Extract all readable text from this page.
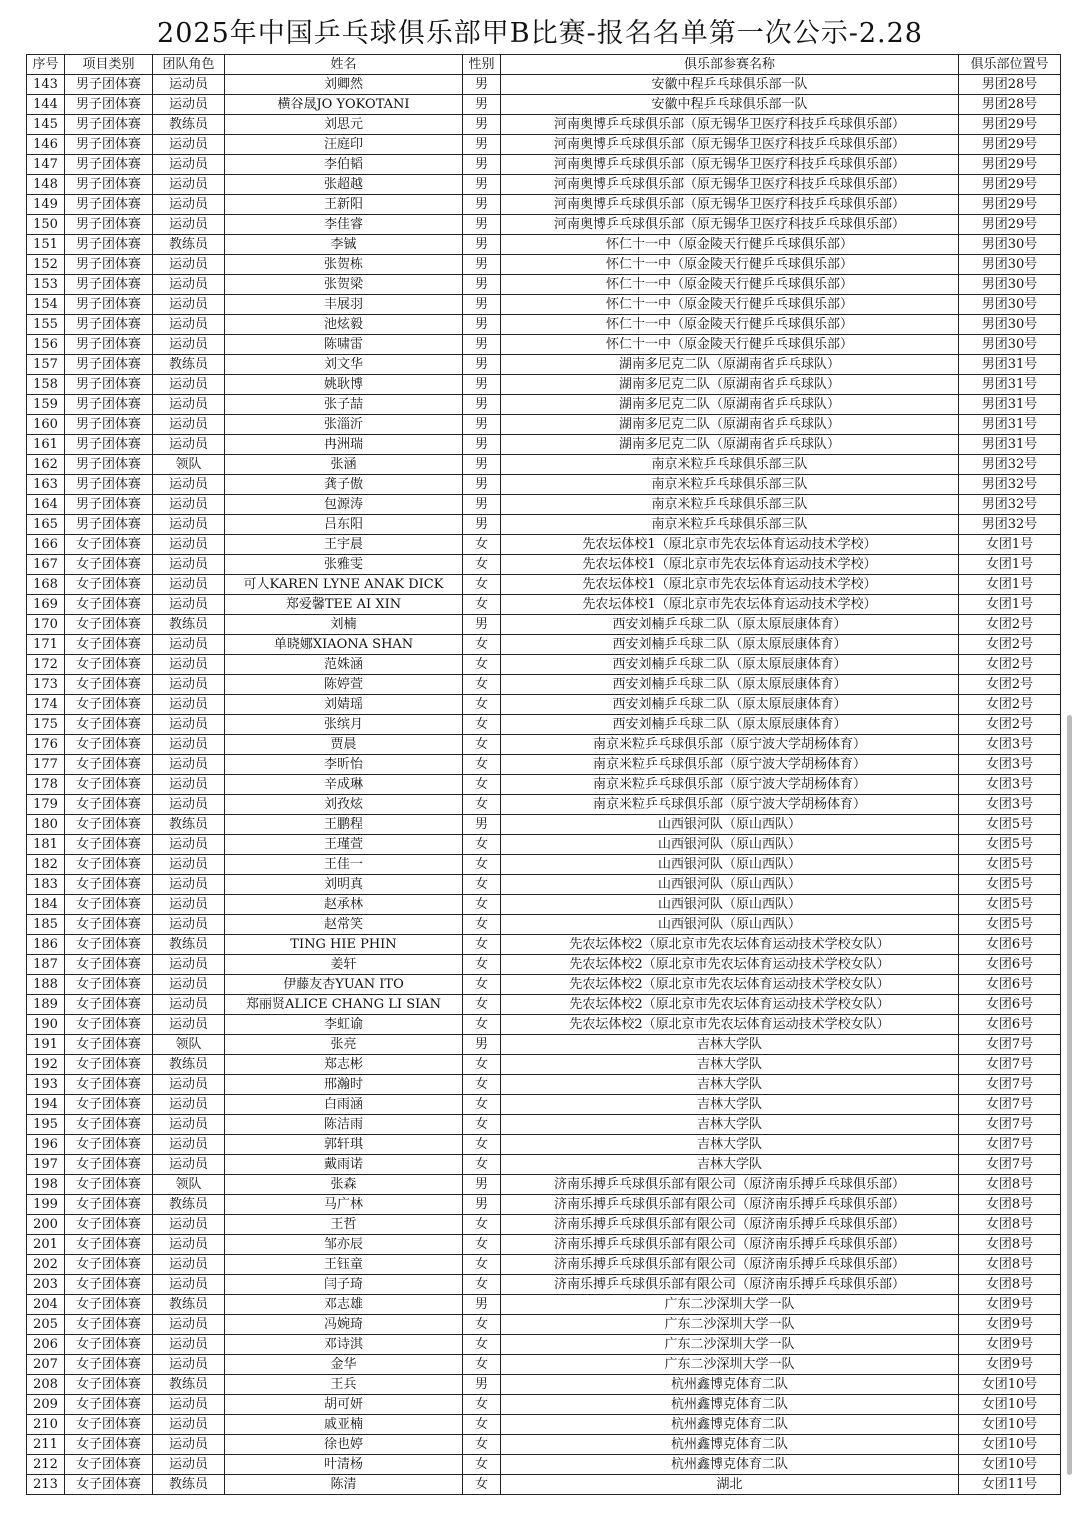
2025年中国乒乓球俱乐部甲B比赛-报名名单第一次公示-2.28
序号	项目类别	团队角色	姓名	性别	俱乐部参赛名称	俱乐部位置号
143	男子团体赛	运动员	刘卿然	男	安徽中程乒乓球俱乐部一队	男团28号
144	男子团体赛	运动员	横谷晟JO YOKOTANI	男	安徽中程乒乓球俱乐部一队	男团28号
145	男子团体赛	教练员	刘思元	男	河南奥博乒乓球俱乐部（原无锡华卫医疗科技乒乓球俱乐部）	男团29号
146	男子团体赛	运动员	汪庭印	男	河南奥博乒乓球俱乐部（原无锡华卫医疗科技乒乓球俱乐部）	男团29号
147	男子团体赛	运动员	李伯韬	男	河南奥博乒乓球俱乐部（原无锡华卫医疗科技乒乓球俱乐部）	男团29号
148	男子团体赛	运动员	张超越	男	河南奥博乒乓球俱乐部（原无锡华卫医疗科技乒乓球俱乐部）	男团29号
149	男子团体赛	运动员	王新阳	男	河南奥博乒乓球俱乐部（原无锡华卫医疗科技乒乓球俱乐部）	男团29号
150	男子团体赛	运动员	李佳睿	男	河南奥博乒乓球俱乐部（原无锡华卫医疗科技乒乓球俱乐部）	男团29号
151	男子团体赛	教练员	李铖	男	怀仁十一中（原金陵天行健乒乓球俱乐部）	男团30号
152	男子团体赛	运动员	张贺栋	男	怀仁十一中（原金陵天行健乒乓球俱乐部）	男团30号
153	男子团体赛	运动员	张贺梁	男	怀仁十一中（原金陵天行健乒乓球俱乐部）	男团30号
154	男子团体赛	运动员	丰展羽	男	怀仁十一中（原金陵天行健乒乓球俱乐部）	男团30号
155	男子团体赛	运动员	池炫毅	男	怀仁十一中（原金陵天行健乒乓球俱乐部）	男团30号
156	男子团体赛	运动员	陈啸雷	男	怀仁十一中（原金陵天行健乒乓球俱乐部）	男团30号
157	男子团体赛	教练员	刘文华	男	湖南多尼克二队（原湖南省乒乓球队）	男团31号
158	男子团体赛	运动员	姚耿博	男	湖南多尼克二队（原湖南省乒乓球队）	男团31号
159	男子团体赛	运动员	张子喆	男	湖南多尼克二队（原湖南省乒乓球队）	男团31号
160	男子团体赛	运动员	张淄沂	男	湖南多尼克二队（原湖南省乒乓球队）	男团31号
161	男子团体赛	运动员	冉洲瑞	男	湖南多尼克二队（原湖南省乒乓球队）	男团31号
162	男子团体赛	领队	张涵	男	南京米粒乒乓球俱乐部三队	男团32号
163	男子团体赛	运动员	龚子傲	男	南京米粒乒乓球俱乐部三队	男团32号
164	男子团体赛	运动员	包源涛	男	南京米粒乒乓球俱乐部三队	男团32号
165	男子团体赛	运动员	吕东阳	男	南京米粒乒乓球俱乐部三队	男团32号
166	女子团体赛	运动员	王宇晨	女	先农坛体校1（原北京市先农坛体育运动技术学校）	女团1号
167	女子团体赛	运动员	张雅雯	女	先农坛体校1（原北京市先农坛体育运动技术学校）	女团1号
168	女子团体赛	运动员	可人KAREN LYNE ANAK DICK	女	先农坛体校1（原北京市先农坛体育运动技术学校）	女团1号
169	女子团体赛	运动员	郑爱馨TEE AI XIN	女	先农坛体校1（原北京市先农坛体育运动技术学校）	女团1号
170	女子团体赛	教练员	刘楠	男	西安刘楠乒乓球二队（原太原辰康体育）	女团2号
171	女子团体赛	运动员	单晓娜XIAONA SHAN	女	西安刘楠乒乓球二队（原太原辰康体育）	女团2号
172	女子团体赛	运动员	范姝涵	女	西安刘楠乒乓球二队（原太原辰康体育）	女团2号
173	女子团体赛	运动员	陈婷萱	女	西安刘楠乒乓球二队（原太原辰康体育）	女团2号
174	女子团体赛	运动员	刘婧瑶	女	西安刘楠乒乓球二队（原太原辰康体育）	女团2号
175	女子团体赛	运动员	张缤月	女	西安刘楠乒乓球二队（原太原辰康体育）	女团2号
176	女子团体赛	运动员	贾晨	女	南京米粒乒乓球俱乐部（原宁波大学胡杨体育）	女团3号
177	女子团体赛	运动员	李昕怡	女	南京米粒乒乓球俱乐部（原宁波大学胡杨体育）	女团3号
178	女子团体赛	运动员	辛成琳	女	南京米粒乒乓球俱乐部（原宁波大学胡杨体育）	女团3号
179	女子团体赛	运动员	刘孜炫	女	南京米粒乒乓球俱乐部（原宁波大学胡杨体育）	女团3号
180	女子团体赛	教练员	王鹏程	男	山西银河队（原山西队）	女团5号
181	女子团体赛	运动员	王瑾萱	女	山西银河队（原山西队）	女团5号
182	女子团体赛	运动员	王佳一	女	山西银河队（原山西队）	女团5号
183	女子团体赛	运动员	刘明真	女	山西银河队（原山西队）	女团5号
184	女子团体赛	运动员	赵承林	女	山西银河队（原山西队）	女团5号
185	女子团体赛	运动员	赵常笑	女	山西银河队（原山西队）	女团5号
186	女子团体赛	教练员	TING HIE PHIN	女	先农坛体校2（原北京市先农坛体育运动技术学校女队）	女团6号
187	女子团体赛	运动员	姜轩	女	先农坛体校2（原北京市先农坛体育运动技术学校女队）	女团6号
188	女子团体赛	运动员	伊藤友杏YUAN ITO	女	先农坛体校2（原北京市先农坛体育运动技术学校女队）	女团6号
189	女子团体赛	运动员	郑丽贤ALICE CHANG LI SIAN	女	先农坛体校2（原北京市先农坛体育运动技术学校女队）	女团6号
190	女子团体赛	运动员	李虹谕	女	先农坛体校2（原北京市先农坛体育运动技术学校女队）	女团6号
191	女子团体赛	领队	张亮	男	吉林大学队	女团7号
192	女子团体赛	教练员	郑志彬	女	吉林大学队	女团7号
193	女子团体赛	运动员	邢瀚时	女	吉林大学队	女团7号
194	女子团体赛	运动员	白雨涵	女	吉林大学队	女团7号
195	女子团体赛	运动员	陈洁雨	女	吉林大学队	女团7号
196	女子团体赛	运动员	郭轩琪	女	吉林大学队	女团7号
197	女子团体赛	运动员	戴雨诺	女	吉林大学队	女团7号
198	女子团体赛	领队	张森	男	济南乐搏乒乓球俱乐部有限公司（原济南乐搏乒乓球俱乐部）	女团8号
199	女子团体赛	教练员	马广林	男	济南乐搏乒乓球俱乐部有限公司（原济南乐搏乒乓球俱乐部）	女团8号
200	女子团体赛	运动员	王哲	女	济南乐搏乒乓球俱乐部有限公司（原济南乐搏乒乓球俱乐部）	女团8号
201	女子团体赛	运动员	邹亦辰	女	济南乐搏乒乓球俱乐部有限公司（原济南乐搏乒乓球俱乐部）	女团8号
202	女子团体赛	运动员	王钰童	女	济南乐搏乒乓球俱乐部有限公司（原济南乐搏乒乓球俱乐部）	女团8号
203	女子团体赛	运动员	闫子琦	女	济南乐搏乒乓球俱乐部有限公司（原济南乐搏乒乓球俱乐部）	女团8号
204	女子团体赛	教练员	邓志雄	男	广东二沙深圳大学一队	女团9号
205	女子团体赛	运动员	冯婉琦	女	广东二沙深圳大学一队	女团9号
206	女子团体赛	运动员	邓诗淇	女	广东二沙深圳大学一队	女团9号
207	女子团体赛	运动员	金华	女	广东二沙深圳大学一队	女团9号
208	女子团体赛	教练员	王兵	男	杭州鑫博克体育二队	女团10号
209	女子团体赛	运动员	胡可妍	女	杭州鑫博克体育二队	女团10号
210	女子团体赛	运动员	戚亚楠	女	杭州鑫博克体育二队	女团10号
211	女子团体赛	运动员	徐也婷	女	杭州鑫博克体育二队	女团10号
212	女子团体赛	运动员	叶清杨	女	杭州鑫博克体育二队	女团10号
213	女子团体赛	教练员	陈清	女	湖北	女团11号
